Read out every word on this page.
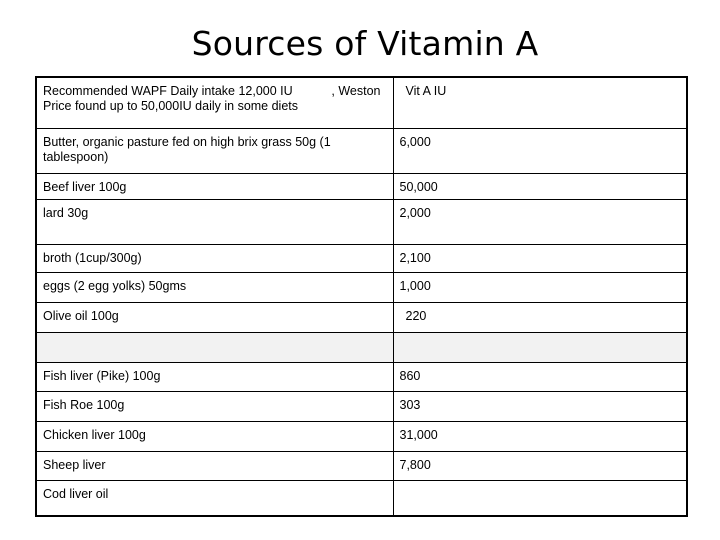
Sources of Vitamin A
Recommended WAPF Daily intake 12,000 IU , Weston
Price found up to 50,000IU daily in some diets	Vit A IU
Butter, organic pasture fed on high brix grass 50g (1 tablespoon)	6,000
Beef liver 100g	50,000
lard 30g	2,000
broth (1cup/300g)	2,100
eggs (2 egg yolks) 50gms	1,000
Olive oil 100g	220

Fish liver (Pike) 100g	860
Fish Roe 100g	303
Chicken liver 100g	31,000
Sheep liver	7,800
Cod liver oil	
